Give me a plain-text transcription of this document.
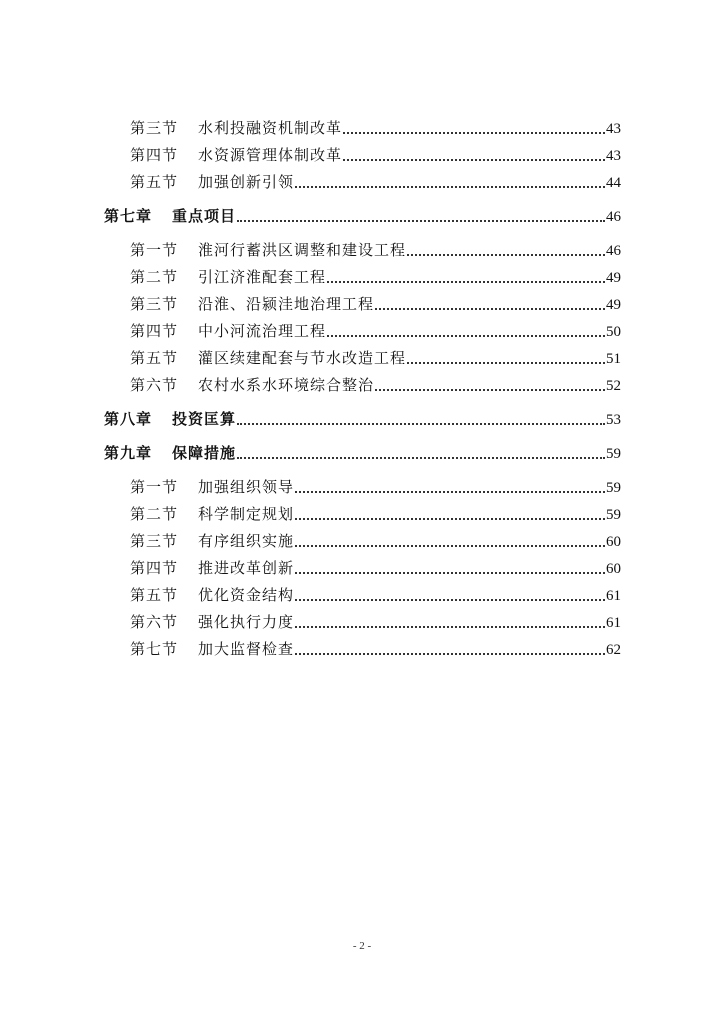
第三节	水利投融资机制改革	43
第四节	水资源管理体制改革	43
第五节	加强创新引领	44
第七章	重点项目	46
第一节	淮河行蓄洪区调整和建设工程	46
第二节	引江济淮配套工程	49
第三节	沿淮、沿颍洼地治理工程	49
第四节	中小河流治理工程	50
第五节	灌区续建配套与节水改造工程	51
第六节	农村水系水环境综合整治	52
第八章	投资匡算	53
第九章	保障措施	59
第一节	加强组织领导	59
第二节	科学制定规划	59
第三节	有序组织实施	60
第四节	推进改革创新	60
第五节	优化资金结构	61
第六节	强化执行力度	61
第七节	加大监督检查	62
- 2 -
